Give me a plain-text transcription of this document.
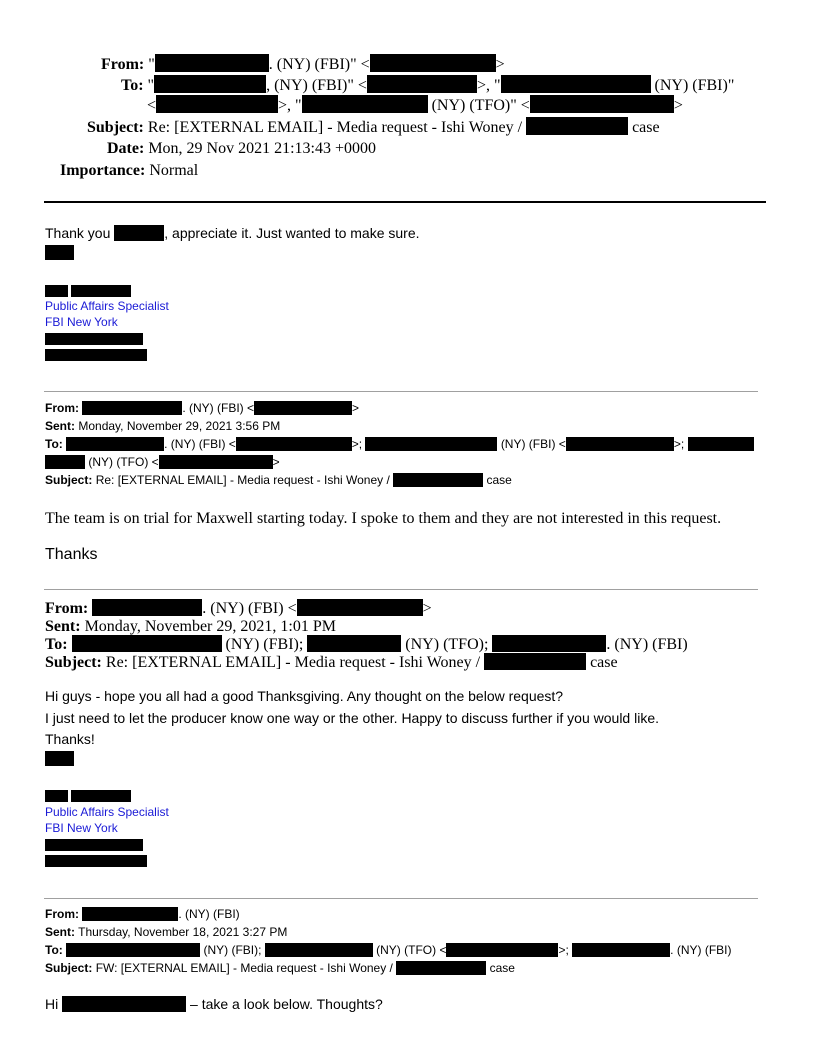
From: "	. (NY) (FBI)" <	>
To: "	, (NY) (FBI)" <	>, "	(NY) (FBI)"
<	>, "	(NY) (TFO)" <	>
Subject: Re: [EXTERNAL EMAIL] - Media request - Ishi Woney /	case
Date: Mon, 29 Nov 2021 21:13:43 +0000
Importance: Normal
Thank you	, appreciate it. Just wanted to make sure.
Public Affairs Specialist
FBI New York
From:	. (NY) (FBI) <	>
Sent: Monday, November 29, 2021 3:56 PM
To:	. (NY) (FBI) <	>;	(NY) (FBI) <	>;
(NY) (TFO) <	>
Subject: Re: [EXTERNAL EMAIL] - Media request - Ishi Woney /	case
The team is on trial for Maxwell starting today. I spoke to them and they are not interested in this request.
Thanks
From:	. (NY) (FBI) <	>
Sent: Monday, November 29, 2021, 1:01 PM
To:	(NY) (FBI);	(NY) (TFO);	. (NY) (FBI)
Subject: Re: [EXTERNAL EMAIL] - Media request - Ishi Woney /	case
Hi guys - hope you all had a good Thanksgiving. Any thought on the below request?
I just need to let the producer know one way or the other. Happy to discuss further if you would like.
Thanks!
Public Affairs Specialist
FBI New York
From:	. (NY) (FBI)
Sent: Thursday, November 18, 2021 3:27 PM
To:	(NY) (FBI);	(NY) (TFO) <	>;	. (NY) (FBI)
Subject: FW: [EXTERNAL EMAIL] - Media request - Ishi Woney /	case
Hi	– take a look below. Thoughts?
